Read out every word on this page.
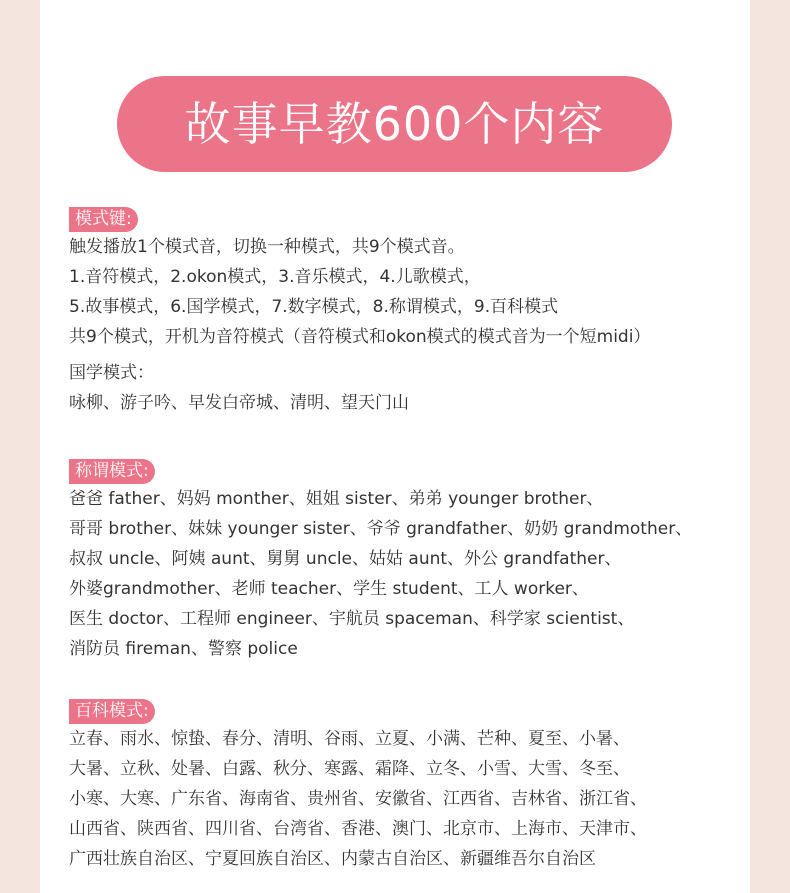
故事早教600个内容
模式键:
触发播放1个模式音，切换一种模式，共9个模式音。
1.音符模式，2.okon模式，3.音乐模式，4.儿歌模式，
5.故事模式，6.国学模式，7.数字模式，8.称谓模式，9.百科模式
共9个模式，开机为音符模式（音符模式和okon模式的模式音为一个短midi）
国学模式：
咏柳、游子吟、早发白帝城、清明、望天门山
称谓模式:
爸爸 father、妈妈 monther、姐姐 sister、弟弟 younger brother、
哥哥 brother、妹妹 younger sister、爷爷 grandfather、奶奶 grandmother、
叔叔 uncle、阿姨 aunt、舅舅 uncle、姑姑 aunt、外公 grandfather、
外婆grandmother、老师 teacher、学生 student、工人 worker、
医生 doctor、工程师 engineer、宇航员 spaceman、科学家 scientist、
消防员 fireman、警察 police
百科模式:
立春、雨水、惊蛰、春分、清明、谷雨、立夏、小满、芒种、夏至、小暑、
大暑、立秋、处暑、白露、秋分、寒露、霜降、立冬、小雪、大雪、冬至、
小寒、大寒、广东省、海南省、贵州省、安徽省、江西省、吉林省、浙江省、
山西省、陕西省、四川省、台湾省、香港、澳门、北京市、上海市、天津市、
广西壮族自治区、宁夏回族自治区、内蒙古自治区、新疆维吾尔自治区
